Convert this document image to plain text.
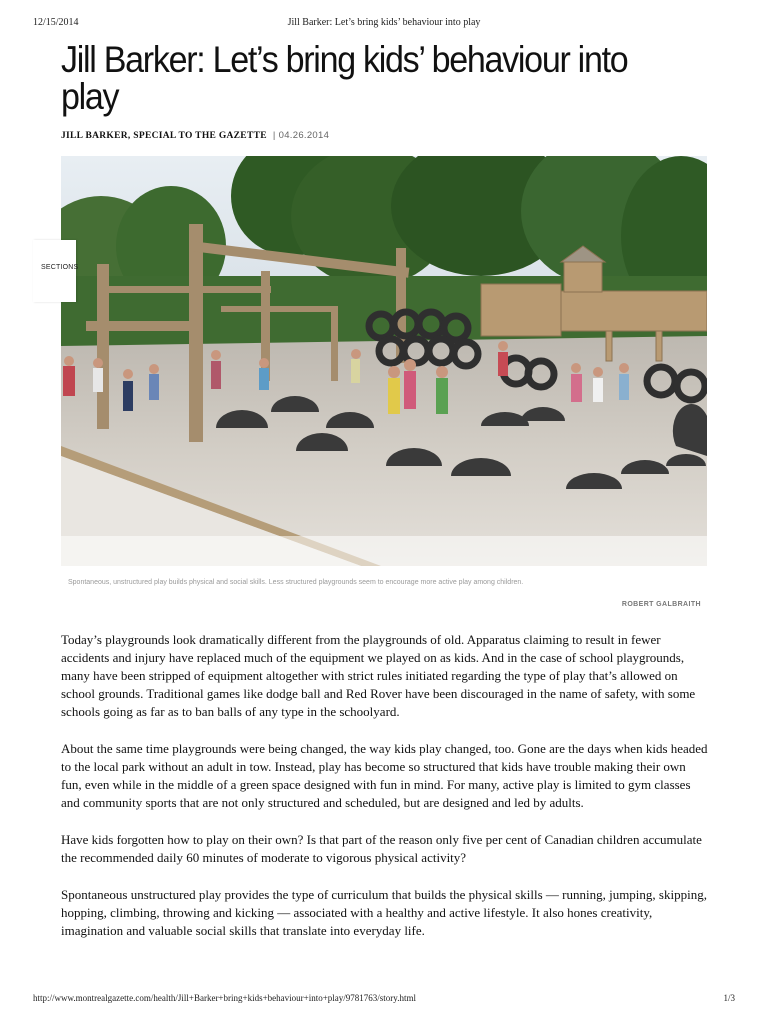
12/15/2014	Jill Barker: Let’s bring kids’ behaviour into play
Jill Barker: Let’s bring kids’ behaviour into play
JILL BARKER, SPECIAL TO THE GAZETTE | 04.26.2014
SECTIONS
Spontaneous, unstructured play builds physical and social skills. Less structured playgrounds seem to encourage more active play among children.
ROBERT GALBRAITH

Today’s playgrounds look dramatically different from the playgrounds of old. Apparatus claiming to result in fewer accidents and injury have replaced much of the equipment we played on as kids. And in the case of school playgrounds, many have been stripped of equipment altogether with strict rules initiated regarding the type of play that’s allowed on school grounds. Traditional games like dodge ball and Red Rover have been discouraged in the name of safety, with some schools going as far as to ban balls of any type in the schoolyard.

About the same time playgrounds were being changed, the way kids play changed, too. Gone are the days when kids headed to the local park without an adult in tow. Instead, play has become so structured that kids have trouble making their own fun, even while in the middle of a green space designed with fun in mind. For many, active play is limited to gym classes and community sports that are not only structured and scheduled, but are designed and led by adults.

Have kids forgotten how to play on their own? Is that part of the reason only five per cent of Canadian children accumulate the recommended daily 60 minutes of moderate to vigorous physical activity?

Spontaneous unstructured play provides the type of curriculum that builds the physical skills — running, jumping, skipping, hopping, climbing, throwing and kicking — associated with a healthy and active lifestyle. It also hones creativity, imagination and valuable social skills that translate into everyday life.

http://www.montrealgazette.com/health/Jill+Barker+bring+kids+behaviour+into+play/9781763/story.html	1/3
